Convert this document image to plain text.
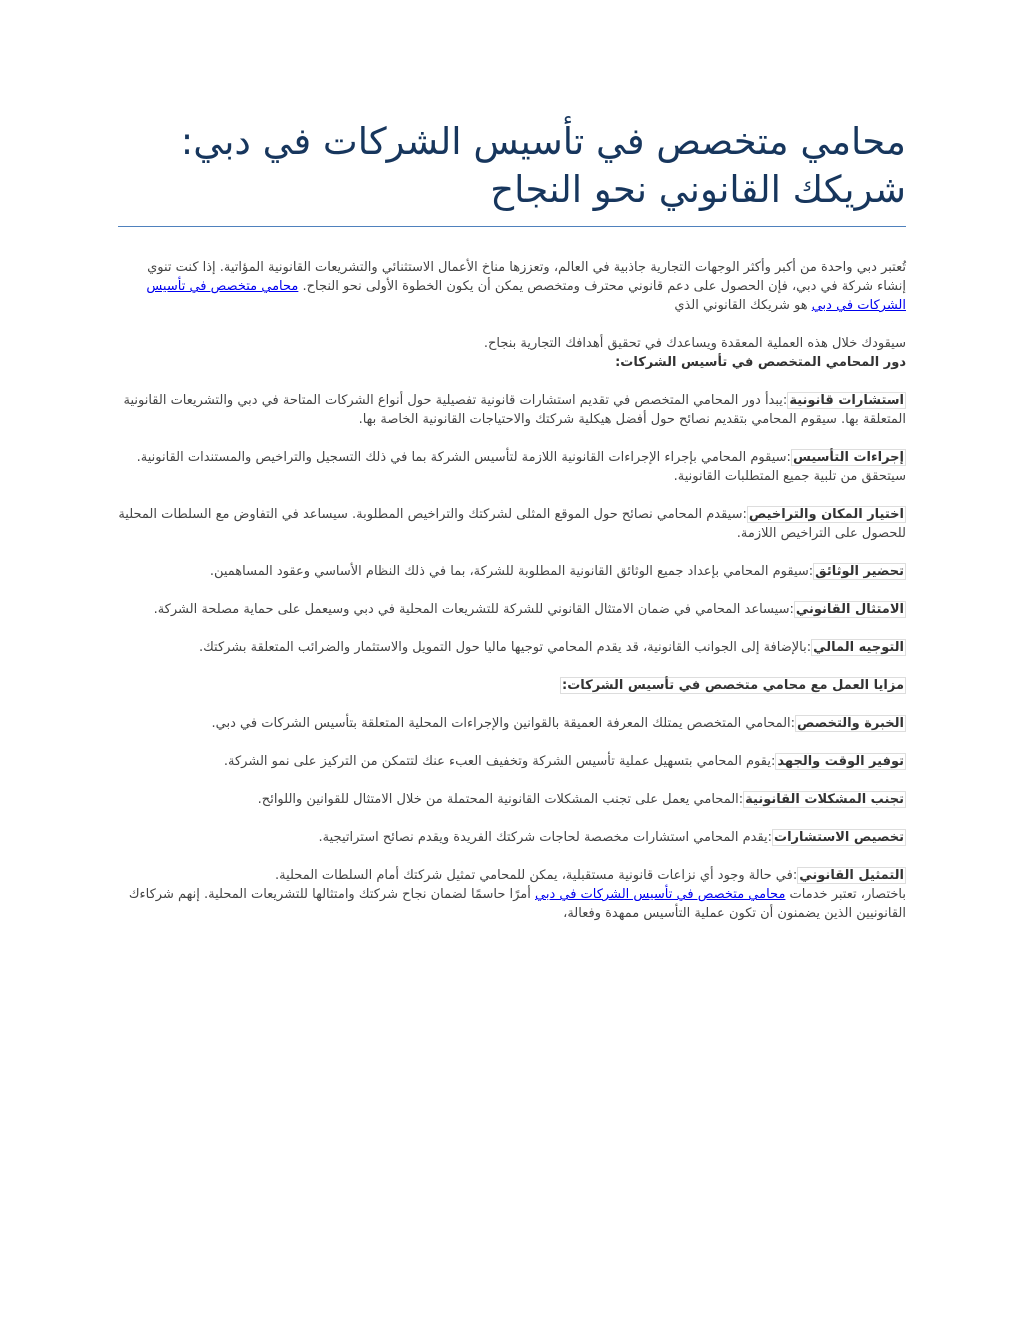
محامي متخصص في تأسيس الشركات في دبي: شريكك القانوني نحو النجاح

تُعتبر دبي واحدة من أكبر وأكثر الوجهات التجارية جاذبية في العالم، وتعززها مناخ الأعمال الاستثنائي والتشريعات القانونية المؤاتية. إذا كنت تنوي إنشاء شركة في دبي، فإن الحصول على دعم قانوني محترف ومتخصص يمكن أن يكون الخطوة الأولى نحو النجاح. محامي متخصص في تأسيس الشركات في دبي هو شريكك القانوني الذي

سيقودك خلال هذه العملية المعقدة ويساعدك في تحقيق أهدافك التجارية بنجاح.

دور المحامي المتخصص في تأسيس الشركات:

استشارات قانونية:يبدأ دور المحامي المتخصص في تقديم استشارات قانونية تفصيلية حول أنواع الشركات المتاحة في دبي والتشريعات القانونية المتعلقة بها. سيقوم المحامي بتقديم نصائح حول أفضل هيكلية شركتك والاحتياجات القانونية الخاصة بها.

إجراءات التأسيس:سيقوم المحامي بإجراء الإجراءات القانونية اللازمة لتأسيس الشركة بما في ذلك التسجيل والتراخيص والمستندات القانونية. سيتحقق من تلبية جميع المتطلبات القانونية.

اختيار المكان والتراخيص:سيقدم المحامي نصائح حول الموقع المثلى لشركتك والتراخيص المطلوبة. سيساعد في التفاوض مع السلطات المحلية للحصول على التراخيص اللازمة.

تحضير الوثائق:سيقوم المحامي بإعداد جميع الوثائق القانونية المطلوبة للشركة، بما في ذلك النظام الأساسي وعقود المساهمين.

الامتثال القانوني:سيساعد المحامي في ضمان الامتثال القانوني للشركة للتشريعات المحلية في دبي وسيعمل على حماية مصلحة الشركة.

التوجيه المالي:بالإضافة إلى الجوانب القانونية، قد يقدم المحامي توجيها ماليا حول التمويل والاستثمار والضرائب المتعلقة بشركتك.

مزايا العمل مع محامي متخصص في تأسيس الشركات:

الخبرة والتخصص:المحامي المتخصص يمتلك المعرفة العميقة بالقوانين والإجراءات المحلية المتعلقة بتأسيس الشركات في دبي.

توفير الوقت والجهد:يقوم المحامي بتسهيل عملية تأسيس الشركة وتخفيف العبء عنك لتتمكن من التركيز على نمو الشركة.

تجنب المشكلات القانونية:المحامي يعمل على تجنب المشكلات القانونية المحتملة من خلال الامتثال للقوانين واللوائح.

تخصيص الاستشارات:يقدم المحامي استشارات مخصصة لحاجات شركتك الفريدة ويقدم نصائح استراتيجية.

التمثيل القانوني:في حالة وجود أي نزاعات قانونية مستقبلية، يمكن للمحامي تمثيل شركتك أمام السلطات المحلية.

باختصار، تعتبر خدمات محامي متخصص في تأسيس الشركات في دبي أمرًا حاسمًا لضمان نجاح شركتك وامتثالها للتشريعات المحلية. إنهم شركاءك القانونيين الذين يضمنون أن تكون عملية التأسيس ممهدة وفعالة،
